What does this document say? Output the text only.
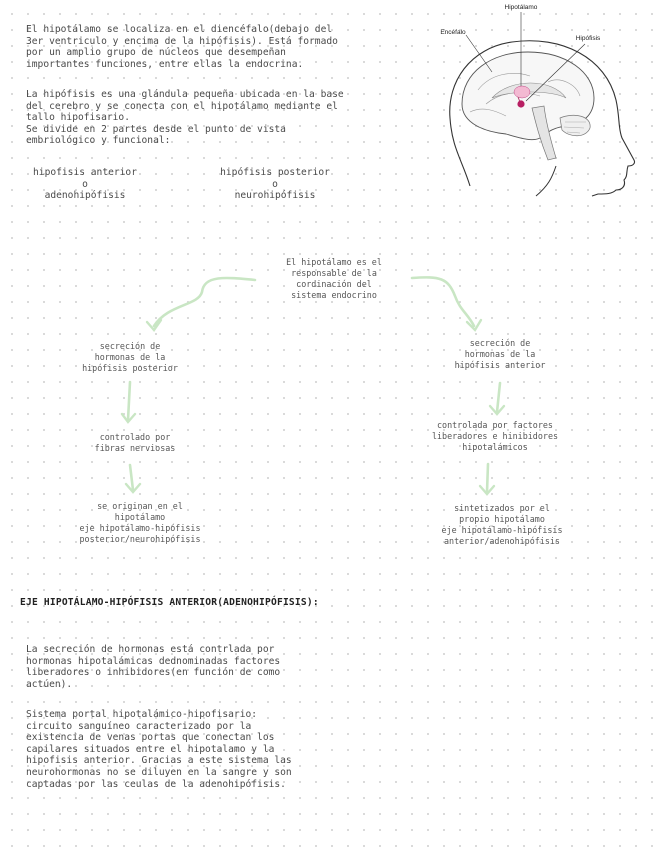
El hipotálamo se localiza en el diencéfalo(debajo del
3er ventriculo y encima de la hipófisis). Está formado
por un amplio grupo de núcleos que desempeñan
importantes funciones, entre ellas la endocrina.
La hipófisis es una glándula pequeña ubicada en la base
del cerebro y se conecta con el hipotálamo mediante el
tallo hipofisario.
Se divide en 2 partes desde el punto de vista
embriológico y funcional:
hipofisis anterior
o
adenohipófisis
hipófisis posterior
o
neurohipófisis
Hipotálamo
Encéfalo
Hipófisis
El hipotálamo es el
responsable de la
cordinación del
sistema endocrino
secreción de
hormonas de la
hipófisis posterior
controlado por
fibras nerviosas
se originan en el
hipotálamo
eje hipotálamo-hipófisis
posterior/neurohipófisis
secreción de
hormonas de la
hipófisis anterior
controlada por factores
liberadores e hinibidores
hipotalámicos
sintetizados por el
propio hipotálamo
eje hipotálamo-hipófisis
anterior/adenohipófisis
EJE HIPOTÁLAMO-HIPÓFISIS ANTERIOR(ADENOHIPÓFISIS):
La secreción de hormonas está contrlada por
hormonas hipotalámicas dednominadas factores
liberadores o inhibidores(en función de como
actúen).
Sistema portal hipotalámico-hipofisario:
circuito sanguíneo caracterizado por la
existencia de venas portas que conectan los
capilares situados entre el hipotalamo y la
hipofisis anterior. Gracias a este sistema las
neurohormonas no se diluyen en la sangre y son
captadas por las ceulas de la adenohipófisis.
